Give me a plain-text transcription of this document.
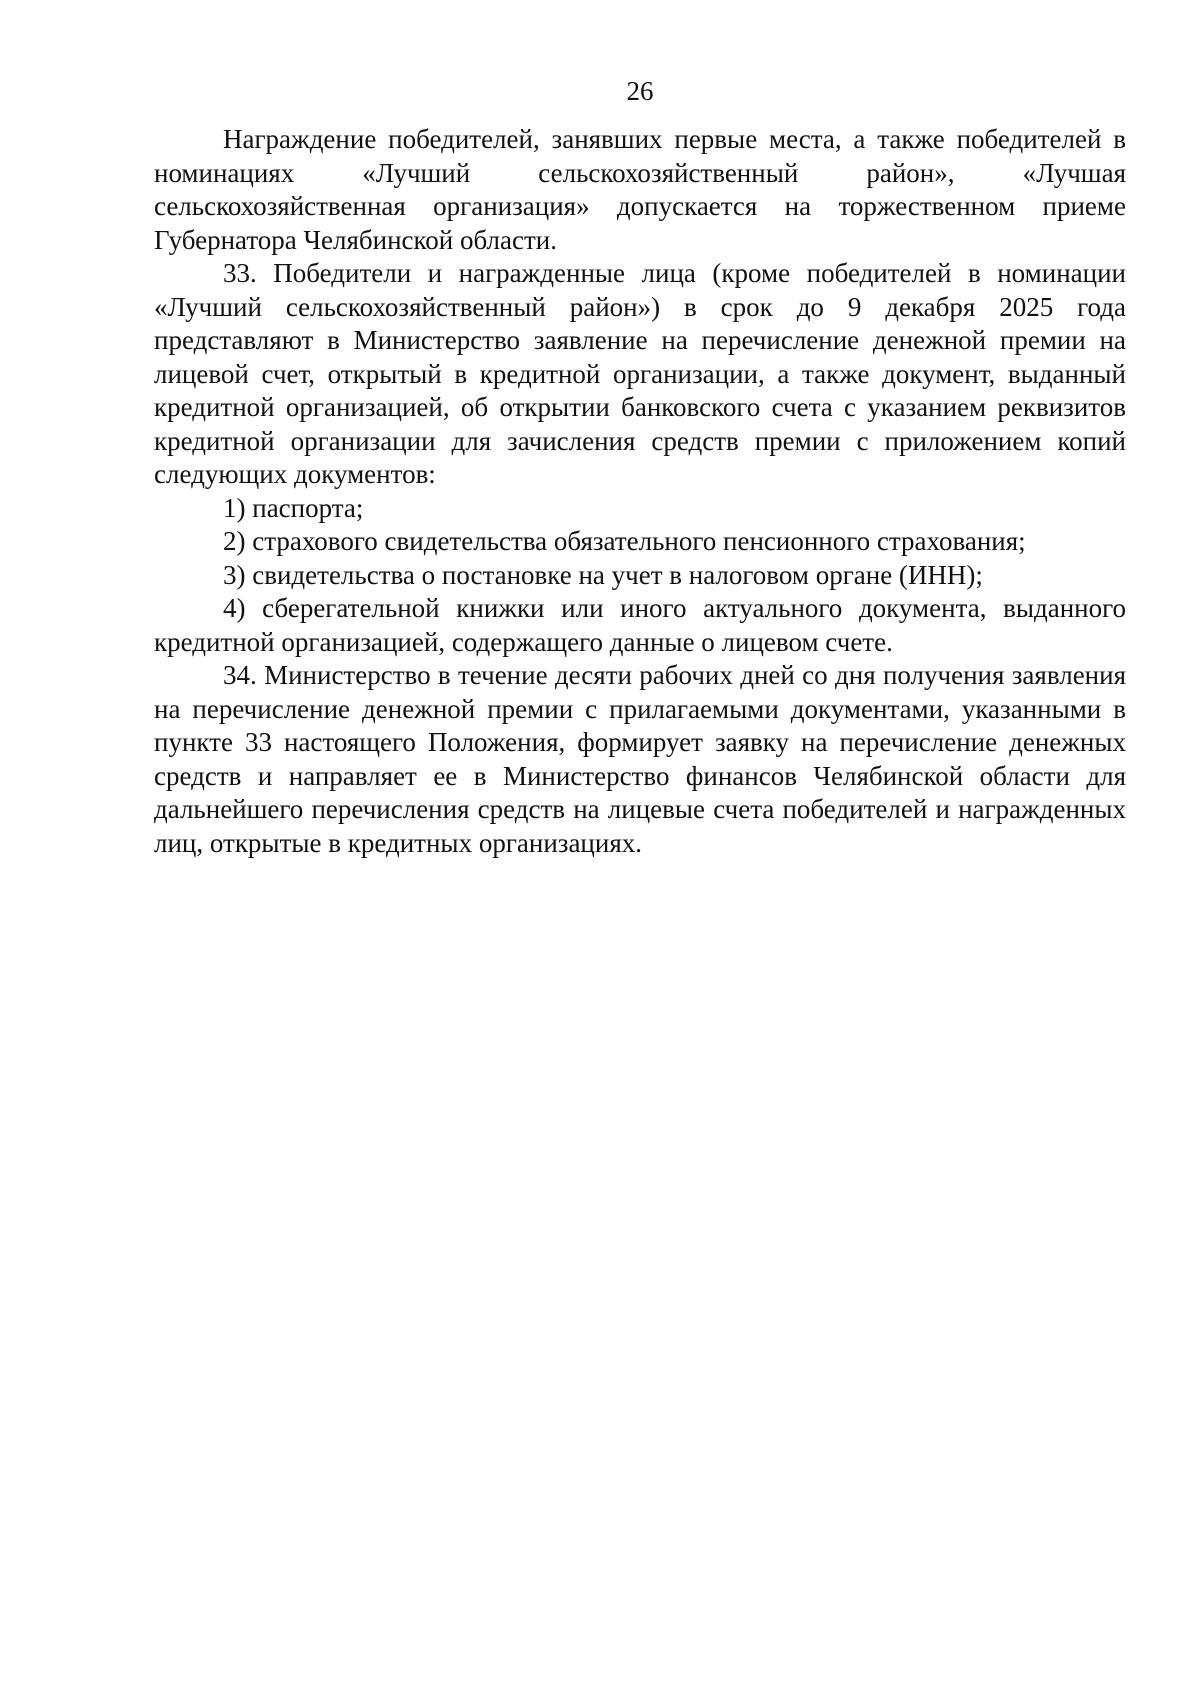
26

Награждение победителей, занявших первые места, а также победителей в номинациях «Лучший сельскохозяйственный район», «Лучшая сельскохозяйственная организация» допускается на торжественном приеме Губернатора Челябинской области.

33. Победители и награжденные лица (кроме победителей в номинации «Лучший сельскохозяйственный район») в срок до 9 декабря 2025 года представляют в Министерство заявление на перечисление денежной премии на лицевой счет, открытый в кредитной организации, а также документ, выданный кредитной организацией, об открытии банковского счета с указанием реквизитов кредитной организации для зачисления средств премии с приложением копий следующих документов:

1) паспорта;

2) страхового свидетельства обязательного пенсионного страхования;

3) свидетельства о постановке на учет в налоговом органе (ИНН);

4) сберегательной книжки или иного актуального документа, выданного кредитной организацией, содержащего данные о лицевом счете.

34. Министерство в течение десяти рабочих дней со дня получения заявления на перечисление денежной премии с прилагаемыми документами, указанными в пункте 33 настоящего Положения, формирует заявку на перечисление денежных средств и направляет ее в Министерство финансов Челябинской области для дальнейшего перечисления средств на лицевые счета победителей и награжденных лиц, открытые в кредитных организациях.
